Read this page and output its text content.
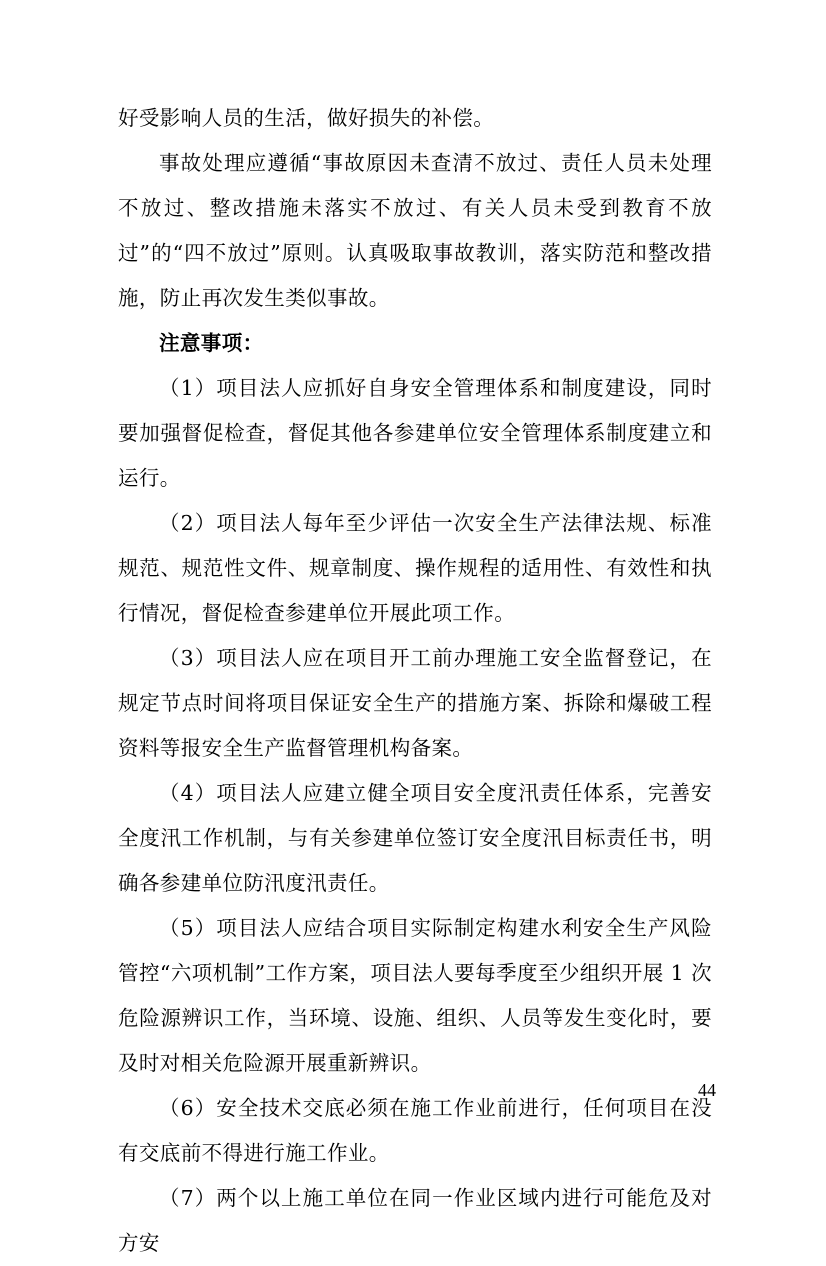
好受影响人员的生活，做好损失的补偿。

事故处理应遵循“事故原因未查清不放过、责任人员未处理不放过、整改措施未落实不放过、有关人员未受到教育不放过”的“四不放过”原则。认真吸取事故教训，落实防范和整改措施，防止再次发生类似事故。

注意事项：

（1）项目法人应抓好自身安全管理体系和制度建设，同时要加强督促检查，督促其他各参建单位安全管理体系制度建立和运行。

（2）项目法人每年至少评估一次安全生产法律法规、标准规范、规范性文件、规章制度、操作规程的适用性、有效性和执行情况，督促检查参建单位开展此项工作。

（3）项目法人应在项目开工前办理施工安全监督登记，在规定节点时间将项目保证安全生产的措施方案、拆除和爆破工程资料等报安全生产监督管理机构备案。

（4）项目法人应建立健全项目安全度汛责任体系，完善安全度汛工作机制，与有关参建单位签订安全度汛目标责任书，明确各参建单位防汛度汛责任。

（5）项目法人应结合项目实际制定构建水利安全生产风险管控“六项机制”工作方案，项目法人要每季度至少组织开展 1 次危险源辨识工作，当环境、设施、组织、人员等发生变化时，要及时对相关危险源开展重新辨识。

（6）安全技术交底必须在施工作业前进行，任何项目在没有交底前不得进行施工作业。

（7）两个以上施工单位在同一作业区域内进行可能危及对方安

44
